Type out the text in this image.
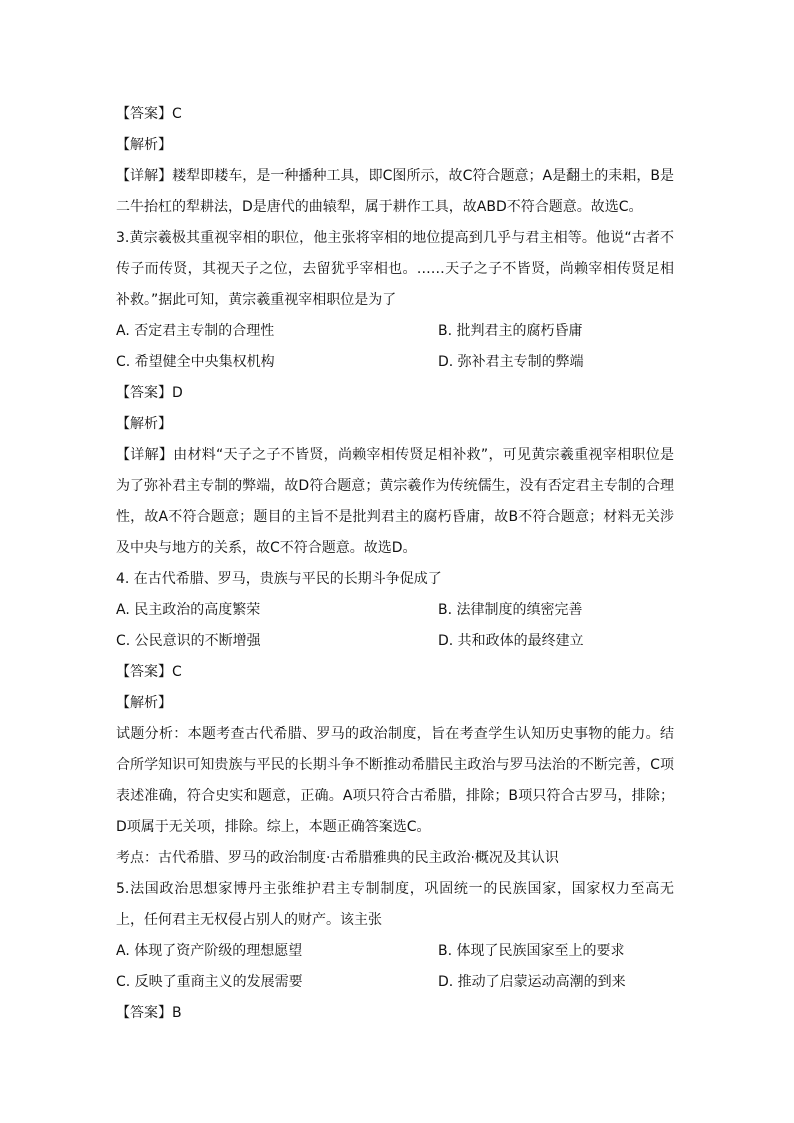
【答案】C
【解析】
【详解】耧犁即耧车，是一种播种工具，即C图所示，故C符合题意；A是翻土的耒耜，B是二牛抬杠的犁耕法，D是唐代的曲辕犁，属于耕作工具，故ABD不符合题意。故选C。
3.黄宗羲极其重视宰相的职位，他主张将宰相的地位提高到几乎与君主相等。他说“古者不传子而传贤，其视天子之位，去留犹乎宰相也。……天子之子不皆贤，尚赖宰相传贤足相补救。”据此可知，黄宗羲重视宰相职位是为了
A. 否定君主专制的合理性	B. 批判君主的腐朽昏庸
C. 希望健全中央集权机构	D. 弥补君主专制的弊端
【答案】D
【解析】
【详解】由材料“天子之子不皆贤，尚赖宰相传贤足相补救”，可见黄宗羲重视宰相职位是为了弥补君主专制的弊端，故D符合题意；黄宗羲作为传统儒生，没有否定君主专制的合理性，故A不符合题意；题目的主旨不是批判君主的腐朽昏庸，故B不符合题意；材料无关涉及中央与地方的关系，故C不符合题意。故选D。
4. 在古代希腊、罗马，贵族与平民的长期斗争促成了
A. 民主政治的高度繁荣	B. 法律制度的缜密完善
C. 公民意识的不断增强	D. 共和政体的最终建立
【答案】C
【解析】
试题分析：本题考查古代希腊、罗马的政治制度，旨在考查学生认知历史事物的能力。结合所学知识可知贵族与平民的长期斗争不断推动希腊民主政治与罗马法治的不断完善，C项表述准确，符合史实和题意，正确。A项只符合古希腊，排除；B项只符合古罗马，排除；D项属于无关项，排除。综上，本题正确答案选C。
考点：古代希腊、罗马的政治制度·古希腊雅典的民主政治·概况及其认识
5.法国政治思想家博丹主张维护君主专制制度，巩固统一的民族国家，国家权力至高无上，任何君主无权侵占别人的财产。该主张
A. 体现了资产阶级的理想愿望	B. 体现了民族国家至上的要求
C. 反映了重商主义的发展需要	D. 推动了启蒙运动高潮的到来
【答案】B
